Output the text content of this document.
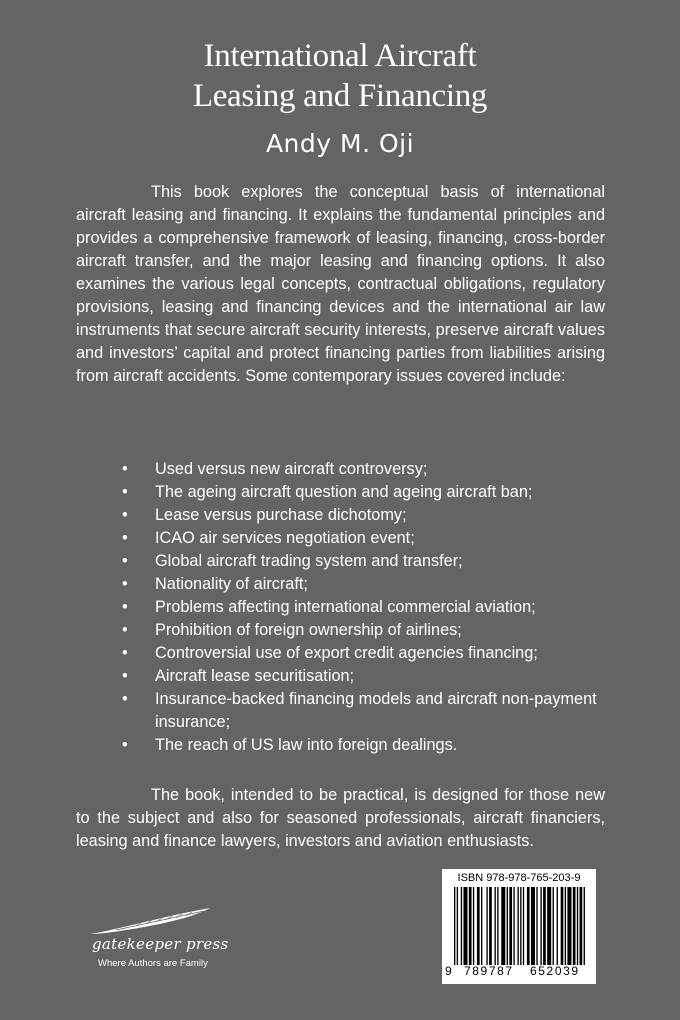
International Aircraft
Leasing and Financing
Andy M. Oji

This book explores the conceptual basis of international aircraft leasing and financing. It explains the fundamental principles and provides a comprehensive framework of leasing, financing, cross-border aircraft transfer, and the major leasing and financing options. It also examines the various legal concepts, contractual obligations, regulatory provisions, leasing and financing devices and the international air law instruments that secure aircraft security interests, preserve aircraft values and investors’ capital and protect financing parties from liabilities arising from aircraft accidents. Some contemporary issues covered include:

• Used versus new aircraft controversy;
• The ageing aircraft question and ageing aircraft ban;
• Lease versus purchase dichotomy;
• ICAO air services negotiation event;
• Global aircraft trading system and transfer;
• Nationality of aircraft;
• Problems affecting international commercial aviation;
• Prohibition of foreign ownership of airlines;
• Controversial use of export credit agencies financing;
• Aircraft lease securitisation;
• Insurance-backed financing models and aircraft non-payment insurance;
• The reach of US law into foreign dealings.

The book, intended to be practical, is designed for those new to the subject and also for seasoned professionals, aircraft financiers, leasing and finance lawyers, investors and aviation enthusiasts.

gatekeeper press
Where Authors are Family
ISBN 978-978-765-203-9
9 789787 652039
